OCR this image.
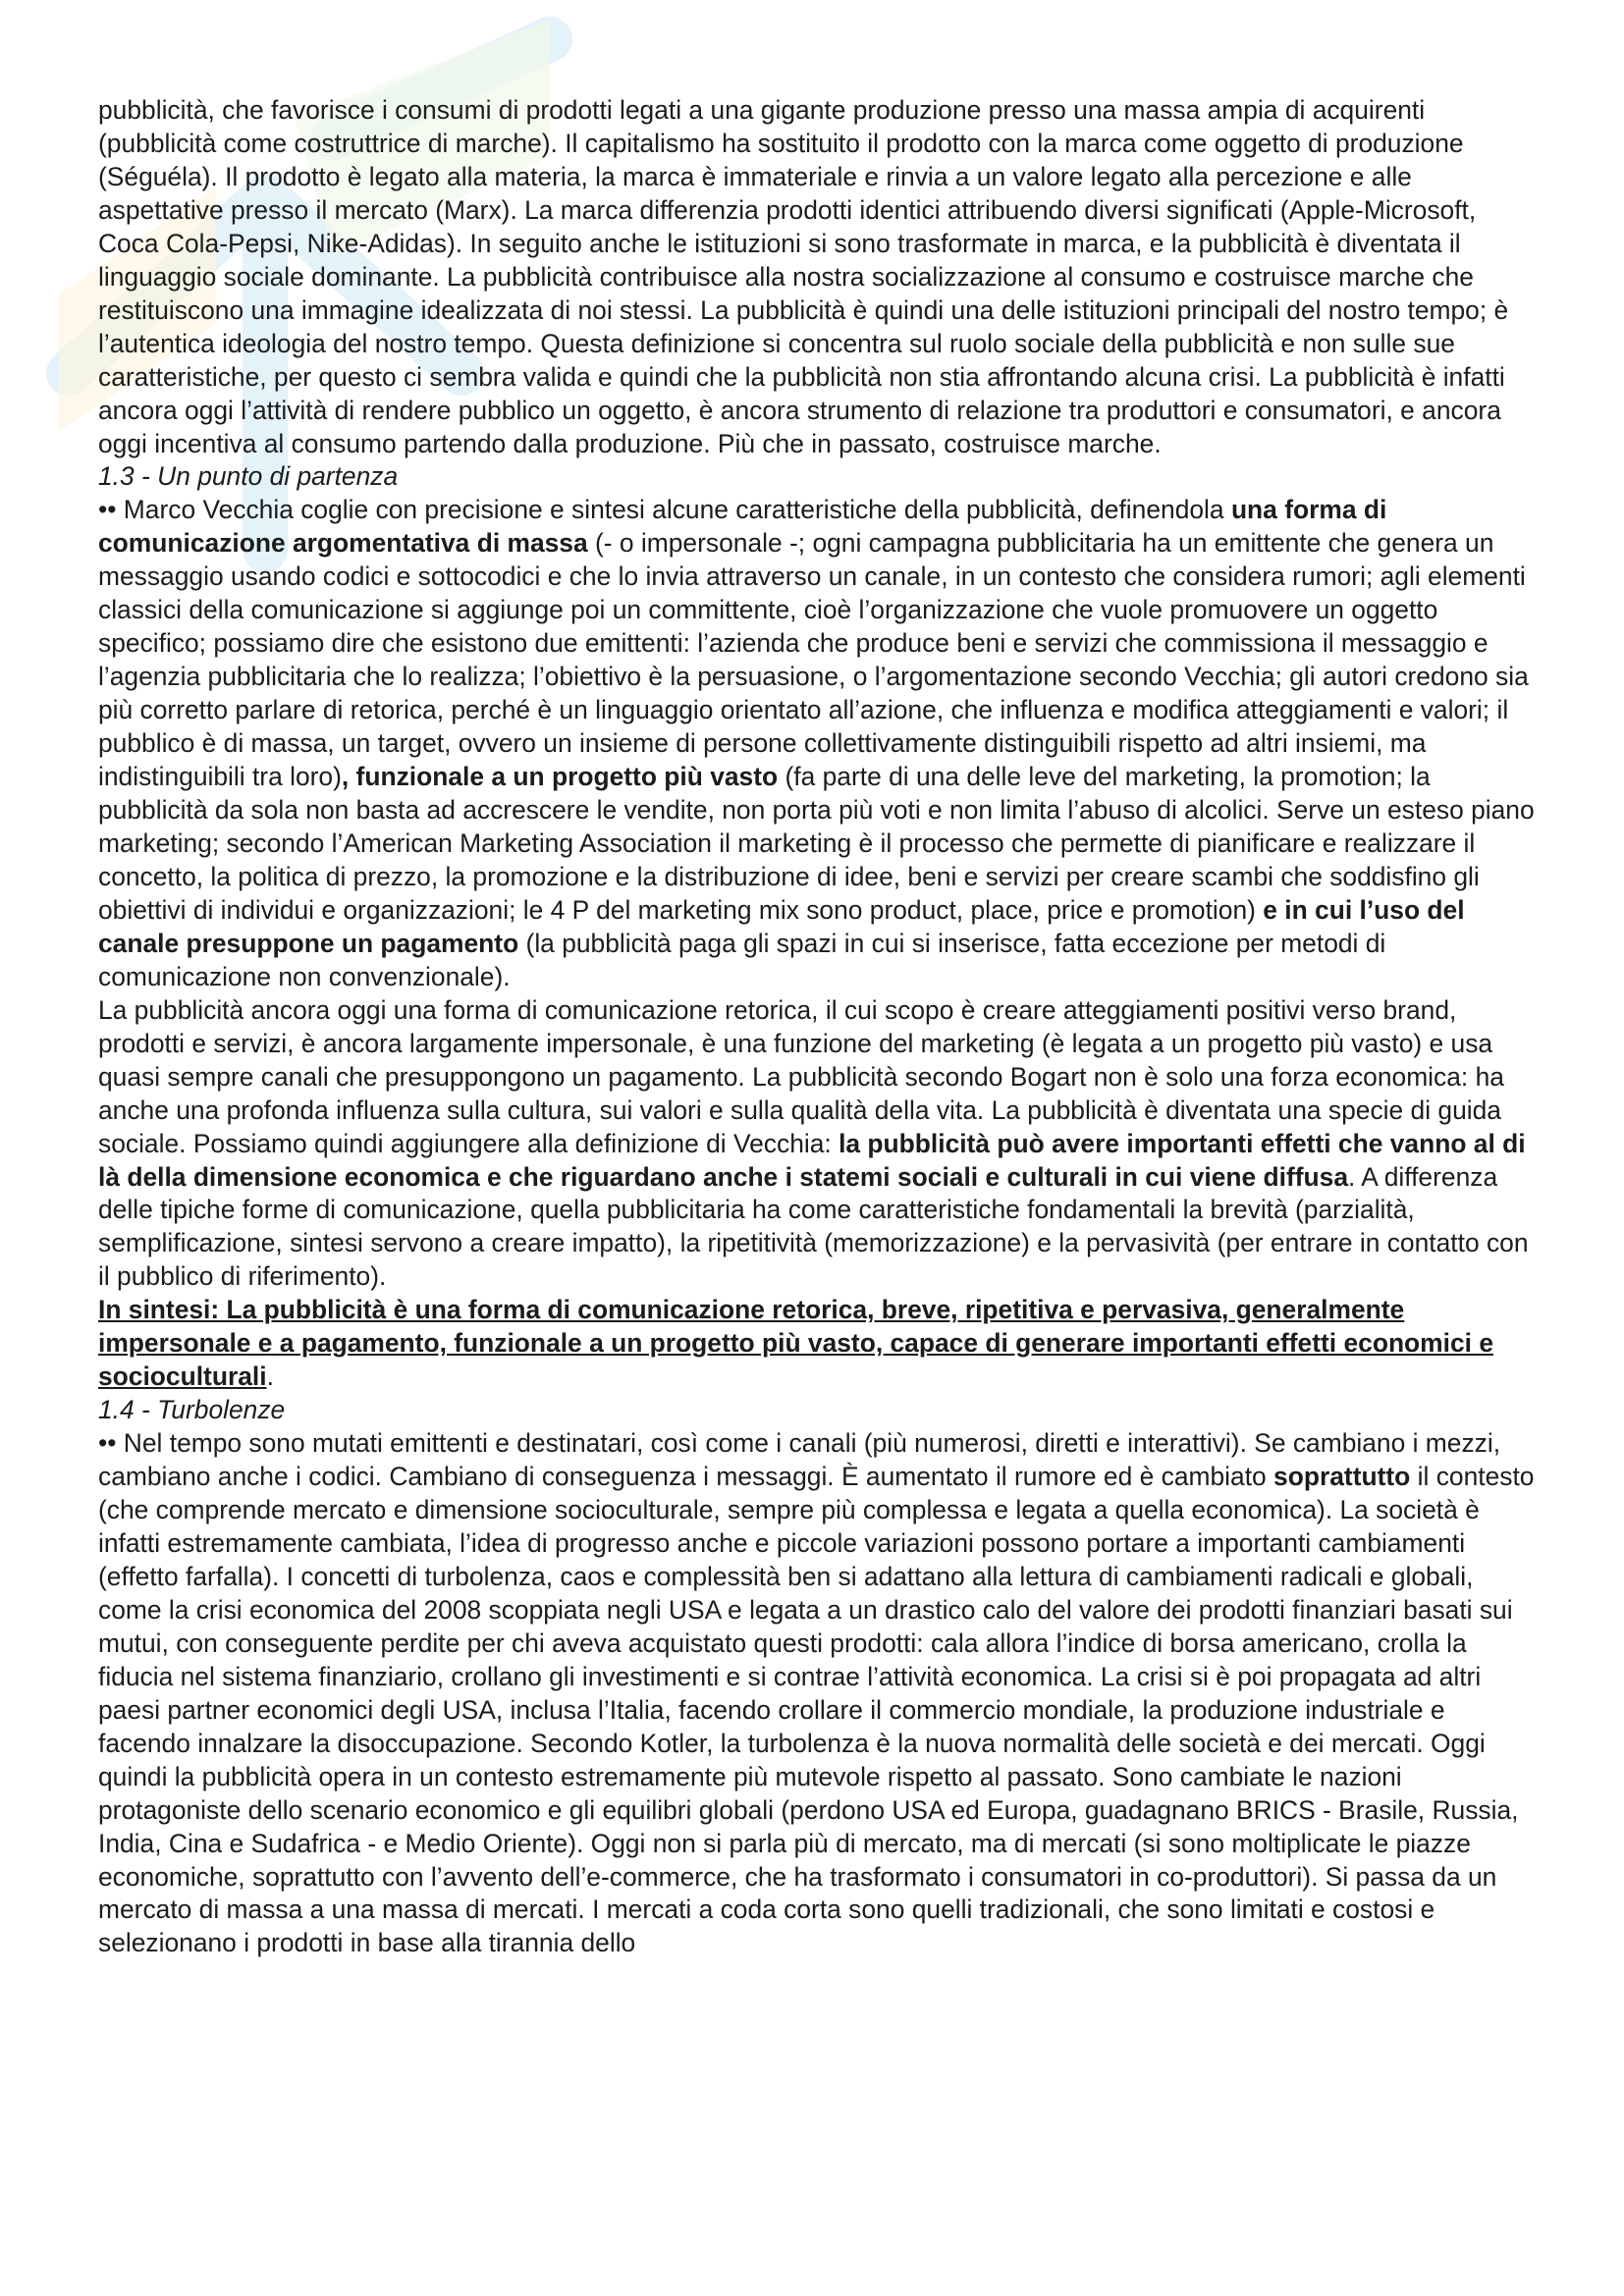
pubblicità, che favorisce i consumi di prodotti legati a una gigante produzione presso una massa ampia di acquirenti (pubblicità come costruttrice di marche). Il capitalismo ha sostituito il prodotto con la marca come oggetto di produzione (Séguéla). Il prodotto è legato alla materia, la marca è immateriale e rinvia a un valore legato alla percezione e alle aspettative presso il mercato (Marx). La marca differenzia prodotti identici attribuendo diversi significati (Apple-Microsoft, Coca Cola-Pepsi, Nike-Adidas). In seguito anche le istituzioni si sono trasformate in marca, e la pubblicità è diventata il linguaggio sociale dominante. La pubblicità contribuisce alla nostra socializzazione al consumo e costruisce marche che restituiscono una immagine idealizzata di noi stessi. La pubblicità è quindi una delle istituzioni principali del nostro tempo; è l’autentica ideologia del nostro tempo. Questa definizione si concentra sul ruolo sociale della pubblicità e non sulle sue caratteristiche, per questo ci sembra valida e quindi che la pubblicità non stia affrontando alcuna crisi. La pubblicità è infatti ancora oggi l’attività di rendere pubblico un oggetto, è ancora strumento di relazione tra produttori e consumatori, e ancora oggi incentiva al consumo partendo dalla produzione. Più che in passato, costruisce marche.

1.3 - Un punto di partenza

•• Marco Vecchia coglie con precisione e sintesi alcune caratteristiche della pubblicità, definendola una forma di comunicazione argomentativa di massa (- o impersonale -; ogni campagna pubblicitaria ha un emittente che genera un messaggio usando codici e sottocodici e che lo invia attraverso un canale, in un contesto che considera rumori; agli elementi classici della comunicazione si aggiunge poi un committente, cioè l’organizzazione che vuole promuovere un oggetto specifico; possiamo dire che esistono due emittenti: l’azienda che produce beni e servizi che commissiona il messaggio e l’agenzia pubblicitaria che lo realizza; l’obiettivo è la persuasione, o l’argomentazione secondo Vecchia; gli autori credono sia più corretto parlare di retorica, perché è un linguaggio orientato all’azione, che influenza e modifica atteggiamenti e valori; il pubblico è di massa, un target, ovvero un insieme di persone collettivamente distinguibili rispetto ad altri insiemi, ma indistinguibili tra loro), funzionale a un progetto più vasto (fa parte di una delle leve del marketing, la promotion; la pubblicità da sola non basta ad accrescere le vendite, non porta più voti e non limita l’abuso di alcolici. Serve un esteso piano marketing; secondo l’American Marketing Association il marketing è il processo che permette di pianificare e realizzare il concetto, la politica di prezzo, la promozione e la distribuzione di idee, beni e servizi per creare scambi che soddisfino gli obiettivi di individui e organizzazioni; le 4 P del marketing mix sono product, place, price e promotion) e in cui l’uso del canale presuppone un pagamento (la pubblicità paga gli spazi in cui si inserisce, fatta eccezione per metodi di comunicazione non convenzionale).

La pubblicità ancora oggi una forma di comunicazione retorica, il cui scopo è creare atteggiamenti positivi verso brand, prodotti e servizi, è ancora largamente impersonale, è una funzione del marketing (è legata a un progetto più vasto) e usa quasi sempre canali che presuppongono un pagamento. La pubblicità secondo Bogart non è solo una forza economica: ha anche una profonda influenza sulla cultura, sui valori e sulla qualità della vita. La pubblicità è diventata una specie di guida sociale. Possiamo quindi aggiungere alla definizione di Vecchia: la pubblicità può avere importanti effetti che vanno al di là della dimensione economica e che riguardano anche i statemi sociali e culturali in cui viene diffusa. A differenza delle tipiche forme di comunicazione, quella pubblicitaria ha come caratteristiche fondamentali la brevità (parzialità, semplificazione, sintesi servono a creare impatto), la ripetitività (memorizzazione) e la pervasività (per entrare in contatto con il pubblico di riferimento).

In sintesi: La pubblicità è una forma di comunicazione retorica, breve, ripetitiva e pervasiva, generalmente impersonale e a pagamento, funzionale a un progetto più vasto, capace di generare importanti effetti economici e socioculturali.

1.4 - Turbolenze

•• Nel tempo sono mutati emittenti e destinatari, così come i canali (più numerosi, diretti e interattivi). Se cambiano i mezzi, cambiano anche i codici. Cambiano di conseguenza i messaggi. È aumentato il rumore ed è cambiato soprattutto il contesto (che comprende mercato e dimensione socioculturale, sempre più complessa e legata a quella economica). La società è infatti estremamente cambiata, l’idea di progresso anche e piccole variazioni possono portare a importanti cambiamenti (effetto farfalla). I concetti di turbolenza, caos e complessità ben si adattano alla lettura di cambiamenti radicali e globali, come la crisi economica del 2008 scoppiata negli USA e legata a un drastico calo del valore dei prodotti finanziari basati sui mutui, con conseguente perdite per chi aveva acquistato questi prodotti: cala allora l’indice di borsa americano, crolla la fiducia nel sistema finanziario, crollano gli investimenti e si contrae l’attività economica. La crisi si è poi propagata ad altri paesi partner economici degli USA, inclusa l’Italia, facendo crollare il commercio mondiale, la produzione industriale e facendo innalzare la disoccupazione. Secondo Kotler, la turbolenza è la nuova normalità delle società e dei mercati. Oggi quindi la pubblicità opera in un contesto estremamente più mutevole rispetto al passato. Sono cambiate le nazioni protagoniste dello scenario economico e gli equilibri globali (perdono USA ed Europa, guadagnano BRICS - Brasile, Russia, India, Cina e Sudafrica - e Medio Oriente). Oggi non si parla più di mercato, ma di mercati (si sono moltiplicate le piazze economiche, soprattutto con l’avvento dell’e-commerce, che ha trasformato i consumatori in co-produttori). Si passa da un mercato di massa a una massa di mercati. I mercati a coda corta sono quelli tradizionali, che sono limitati e costosi e selezionano i prodotti in base alla tirannia dello
